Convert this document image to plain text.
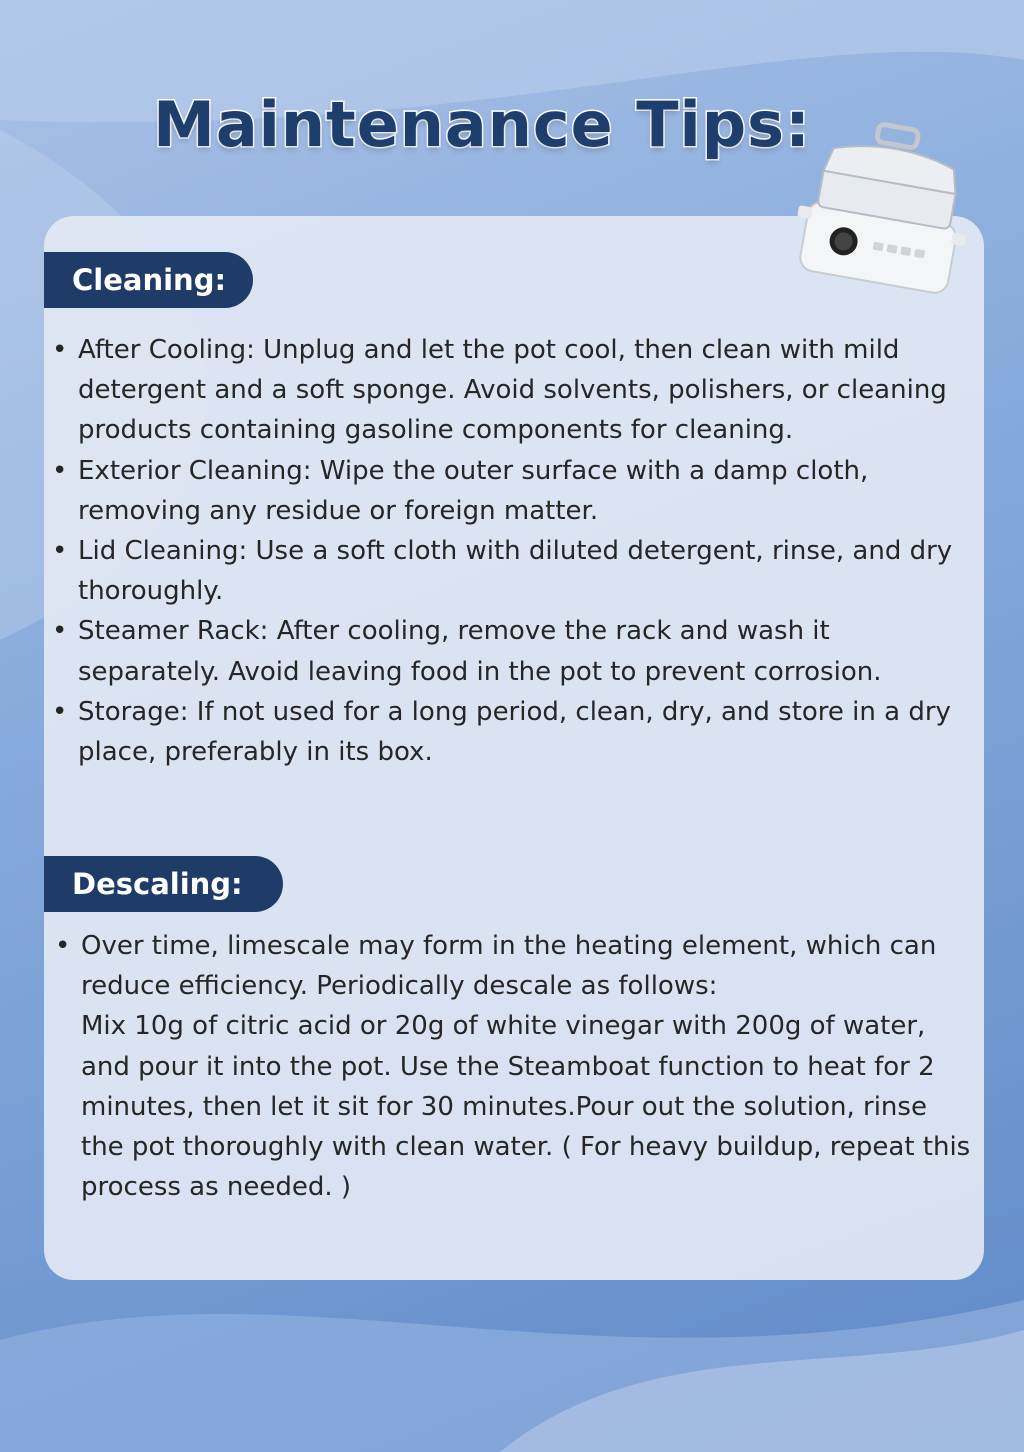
Maintenance Tips:
Cleaning:
• After Cooling: Unplug and let the pot cool, then clean with mild detergent and a soft sponge. Avoid solvents, polishers, or cleaning products containing gasoline components for cleaning.
• Exterior Cleaning: Wipe the outer surface with a damp cloth, removing any residue or foreign matter.
• Lid Cleaning: Use a soft cloth with diluted detergent, rinse, and dry thoroughly.
• Steamer Rack: After cooling, remove the rack and wash it separately. Avoid leaving food in the pot to prevent corrosion.
• Storage: If not used for a long period, clean, dry, and store in a dry place, preferably in its box.
Descaling:
• Over time, limescale may form in the heating element, which can reduce efficiency. Periodically descale as follows:
Mix 10g of citric acid or 20g of white vinegar with 200g of water, and pour it into the pot. Use the Steamboat function to heat for 2 minutes, then let it sit for 30 minutes.Pour out the solution, rinse the pot thoroughly with clean water. ( For heavy buildup, repeat this process as needed. )
